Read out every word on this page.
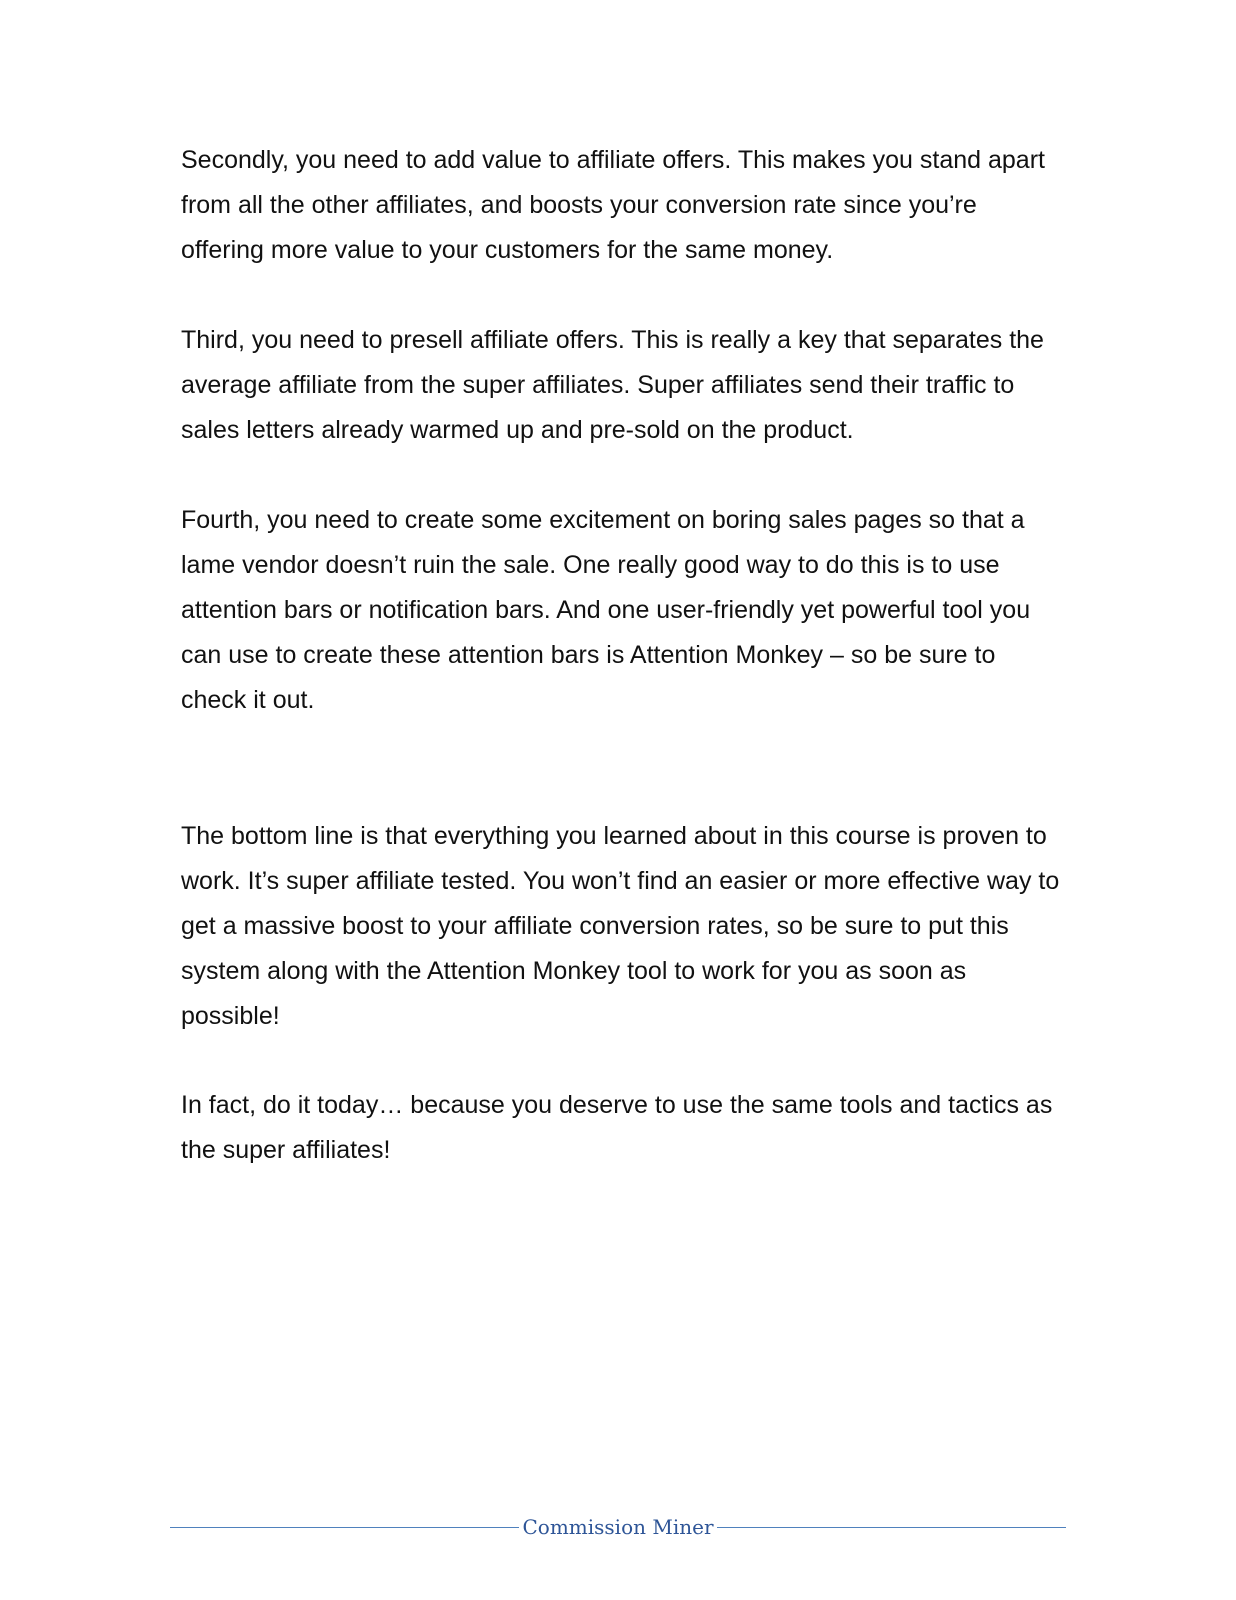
Secondly, you need to add value to affiliate offers. This makes you stand apart from all the other affiliates, and boosts your conversion rate since you’re offering more value to your customers for the same money.

Third, you need to presell affiliate offers. This is really a key that separates the average affiliate from the super affiliates. Super affiliates send their traffic to sales letters already warmed up and pre-sold on the product.

Fourth, you need to create some excitement on boring sales pages so that a lame vendor doesn’t ruin the sale. One really good way to do this is to use attention bars or notification bars. And one user-friendly yet powerful tool you can use to create these attention bars is Attention Monkey – so be sure to check it out.

The bottom line is that everything you learned about in this course is proven to work. It’s super affiliate tested. You won’t find an easier or more effective way to get a massive boost to your affiliate conversion rates, so be sure to put this system along with the Attention Monkey tool to work for you as soon as possible!

In fact, do it today… because you deserve to use the same tools and tactics as the super affiliates!

Commission Miner
